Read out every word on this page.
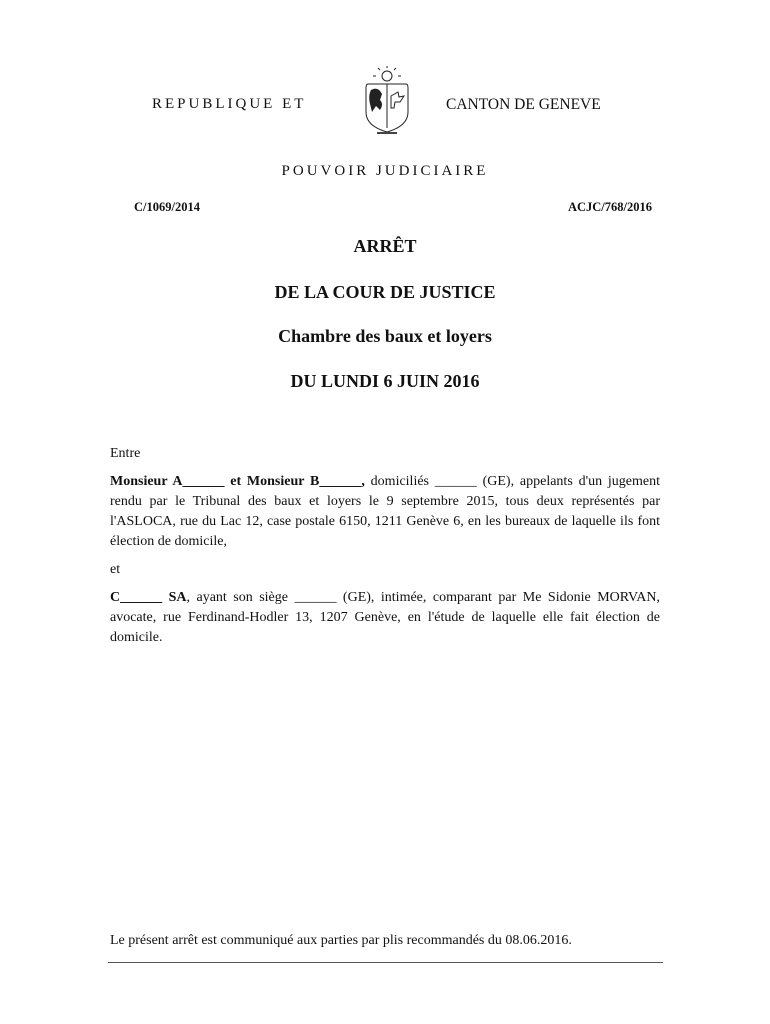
REPUBLIQUE ET	CANTON DE GENEVE
POUVOIR JUDICIAIRE
C/1069/2014	ACJC/768/2016
ARRÊT
DE LA COUR DE JUSTICE
Chambre des baux et loyers
DU LUNDI 6 JUIN 2016

Entre

Monsieur A______ et Monsieur B______, domiciliés ______ (GE), appelants d'un jugement rendu par le Tribunal des baux et loyers le 9 septembre 2015, tous deux représentés par l'ASLOCA, rue du Lac 12, case postale 6150, 1211 Genève 6, en les bureaux de laquelle ils font élection de domicile,

et

C______ SA, ayant son siège ______ (GE), intimée, comparant par Me Sidonie MORVAN, avocate, rue Ferdinand-Hodler 13, 1207 Genève, en l'étude de laquelle elle fait élection de domicile.

Le présent arrêt est communiqué aux parties par plis recommandés du 08.06.2016.
